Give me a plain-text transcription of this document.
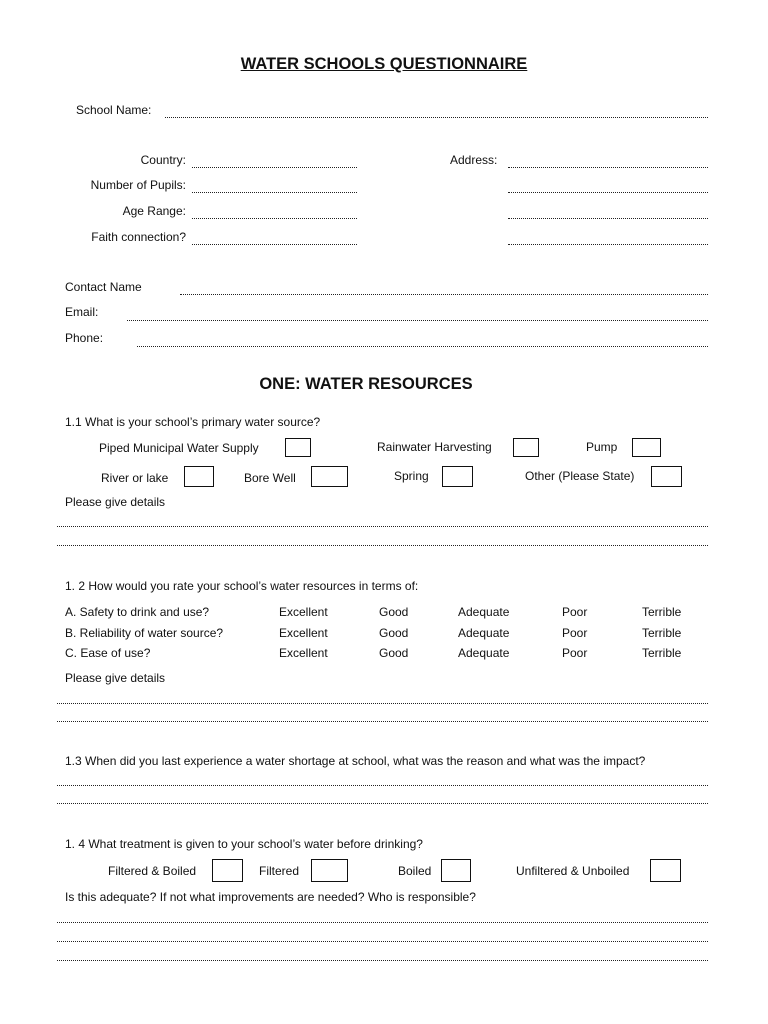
WATER SCHOOLS QUESTIONNAIRE
School Name:
Country:
Number of Pupils:
Age Range:
Faith connection?
Address:
Contact Name
Email:
Phone:
ONE: WATER RESOURCES
1.1 What is your school’s primary water source?
Piped Municipal Water Supply	Rainwater Harvesting	Pump
River or lake	Bore Well	Spring	Other (Please State)
Please give details
1. 2 How would you rate your school’s water resources in terms of:
A. Safety to drink and use?	Excellent	Good	Adequate	Poor	Terrible
B. Reliability of water source?	Excellent	Good	Adequate	Poor	Terrible
C. Ease of use?	Excellent	Good	Adequate	Poor	Terrible
Please give details
1.3 When did you last experience a water shortage at school, what was the reason and what was the impact?
1. 4 What treatment is given to your school’s water before drinking?
Filtered & Boiled	Filtered	Boiled	Unfiltered & Unboiled
Is this adequate? If not what improvements are needed? Who is responsible?
